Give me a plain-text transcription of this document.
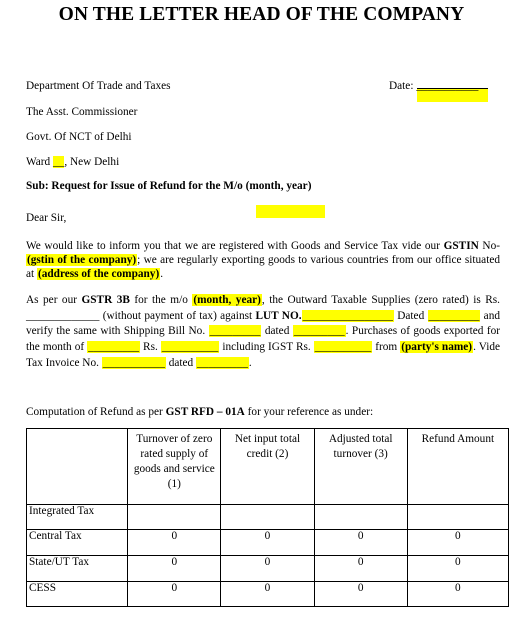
ON THE LETTER HEAD OF THE COMPANY
Department Of Trade and Taxes	Date: ___________
The Asst. Commissioner
Govt. Of NCT of Delhi
Ward __, New Delhi
Sub: Request for Issue of Refund for the M/o (month, year)
Dear Sir,
We would like to inform you that we are registered with Goods and Service Tax vide our GSTIN No- (gstin of the company); we are regularly exporting goods to various countries from our office situated at (address of the company).
As per our GSTR 3B for the m/o (month, year), the Outward Taxable Supplies (zero rated) is Rs. _____________ (without payment of tax) against LUT NO.________________ Dated _________ and verify the same with Shipping Bill No. _________ dated _________. Purchases of goods exported for the month of _________ Rs. __________ including IGST Rs. __________ from (party's name). Vide Tax Invoice No. ___________ dated _________.
Computation of Refund as per GST RFD – 01A for your reference as under:
	Turnover of zero rated supply of goods and service (1)	Net input total credit (2)	Adjusted total turnover (3)	Refund Amount
Integrated Tax				
Central Tax	0	0	0	0
State/UT Tax	0	0	0	0
CESS	0	0	0	0
